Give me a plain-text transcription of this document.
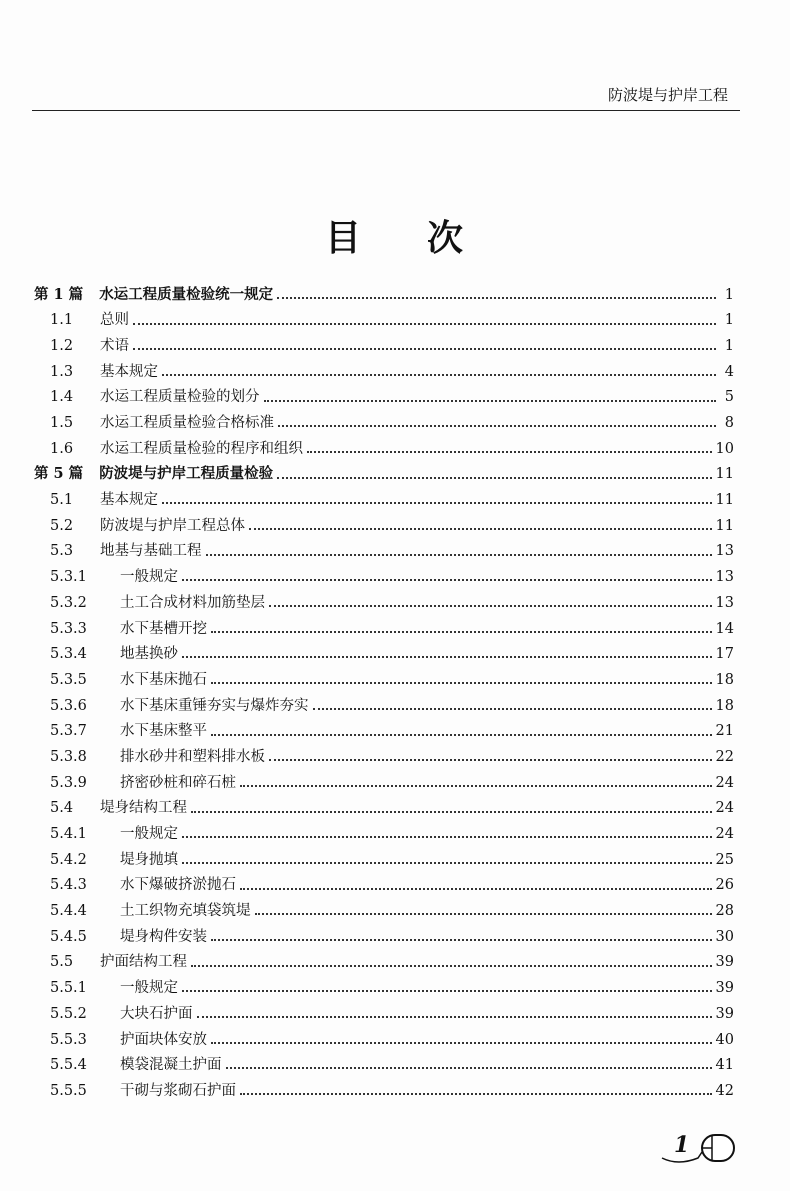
防波堤与护岸工程
目 次
第 1 篇 水运工程质量检验统一规定	1
1.1	总则	1
1.2	术语	1
1.3	基本规定	4
1.4	水运工程质量检验的划分	5
1.5	水运工程质量检验合格标准	8
1.6	水运工程质量检验的程序和组织	10
第 5 篇 防波堤与护岸工程质量检验	11
5.1	基本规定	11
5.2	防波堤与护岸工程总体	11
5.3	地基与基础工程	13
5.3.1	一般规定	13
5.3.2	土工合成材料加筋垫层	13
5.3.3	水下基槽开挖	14
5.3.4	地基换砂	17
5.3.5	水下基床抛石	18
5.3.6	水下基床重锤夯实与爆炸夯实	18
5.3.7	水下基床整平	21
5.3.8	排水砂井和塑料排水板	22
5.3.9	挤密砂桩和碎石桩	24
5.4	堤身结构工程	24
5.4.1	一般规定	24
5.4.2	堤身抛填	25
5.4.3	水下爆破挤淤抛石	26
5.4.4	土工织物充填袋筑堤	28
5.4.5	堤身构件安装	30
5.5	护面结构工程	39
5.5.1	一般规定	39
5.5.2	大块石护面	39
5.5.3	护面块体安放	40
5.5.4	模袋混凝土护面	41
5.5.5	干砌与浆砌石护面	42
1
